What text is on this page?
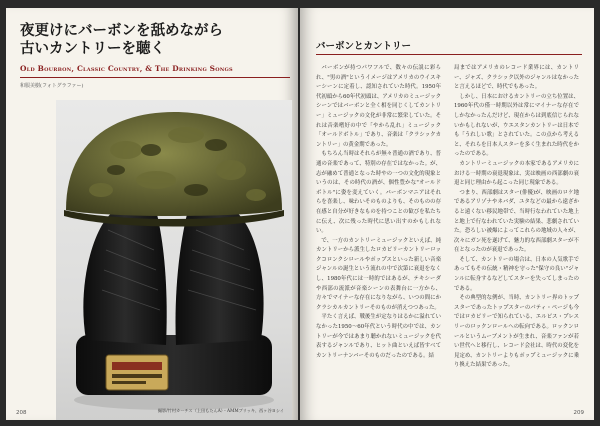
夜更けにバーボンを舐めながら
古いカントリーを聴く

Old Bourbon, Classic Country, & The Drinking Songs

和服美樹(フォトグラファー)

撮影/竹村カーチス（上田もたんA）・AMMブリッキ、西ヶ谷ヨシイ

208

バーボンとカントリー

バーボンが持つパワフルで、数々の伝説に彩られ、"男の酒"というイメージはアメリカのウイスキーシーンに定着し、認知されていた時代。1950年代初頭から60年代初頭は、アメリカのミュージックシーンではバーボンと全く相を同じくしてカントリー」ミュージックの文化が非常に繁栄していた。それは音楽嗜好の中で「やから乱れ」ミュージック「オールドボトル」であり、音楽は「クラシックカントリー」の黄金期であった。

もちろん当時はそれらが無々普通の酒であり、普通の音楽であって、特別の存在ではなかった。が、志が融めて普通となった時やの一つの文化的現象というのは、その時代の酒が、個性豊かな"オールドボトル"に姿を変えていく。バーボンマニアはそれらを喜楽し、味わいそのものよりも、そのものの存在感と自分が好きなものを持つことの歓びを私たちに伝え、次に残った時代に思い出すのかもしれない。

で、一方のカントリーミュージックといえば、純カントリーから派生したロカビリーカントリーロックコロンクシロールやポップスといった新しい音楽ジャンルの誕生という流れの中で次第に衰退をなくし、1980年代には一時的ではあるが、テキシーダや西部の流派が音楽シーンの表舞台に一方から、方々でマイナーな存在になりながら、いつの間にかクラシカルカントリーそのものが消えつつあった。

平たく言えば、戦後生が定なりはるかに溢れていなかった1950〜60年代という時代の中では、カントリーが今ではあまり聴かれないミュージックを代表するジャンルであり、ヒット曲といえば皆すべてカントリーナンバーそのものだったのである。結

局まではアメリカのレコード業界には、カントリー、ジャズ、クラシック以外のジャンルはなかったと言えるほどで、時代でもあった。

しかし、日本におけるカントリーの立ち位置は、1960年代の僅一時期以外は常にマイナーな存在でしかなかったんだけど、現在からは到底信じられないかもしれないが、ウエスタンカントリーは日本でも「うれしい歌」とされていた。この点から考えると、それらを日本人スターを多く生まれた時代をかったのである。

カントリーミュージックの本家であるアメリカにおける一時期の衰退現象は、実は映画の西部劇の衰退と同じ理由から起こった同じ現象である。

つまり、西部劇はスター(俳優)が、映画のロケ地であるアリゾナやネバダ、ユタなどの最から遠ざかると遠くない移民地帯で、当時行なわれていた地上と地上で行なわれていた実験の結果、悲劇されていた。恐ろしい被爆によってこれらの地域の人々が、次々にガン死を遂げて、魅力的な西部劇スターが不在となったのが衰退であった。

そして、カントリーの場合は、日本の人気歌手であってもその伝統・精神を守った"保守の良い"ジャンルに転身するなどしてスターを失ってしまったのである。

その典型的な例が、当時、カントリー界のトップスターであったトップスターのパティ・ページも今ではロカビリーで知られている、エルビス・プレスリーのロックンロールへの転向である。ロックンロールというムーブメントが生まれ、音楽ファンが若い世代へと移行し、レコード会社は、時代の変化を見定め、カントリーよりもポップミュージックに乗り換えた結果であった。

209
